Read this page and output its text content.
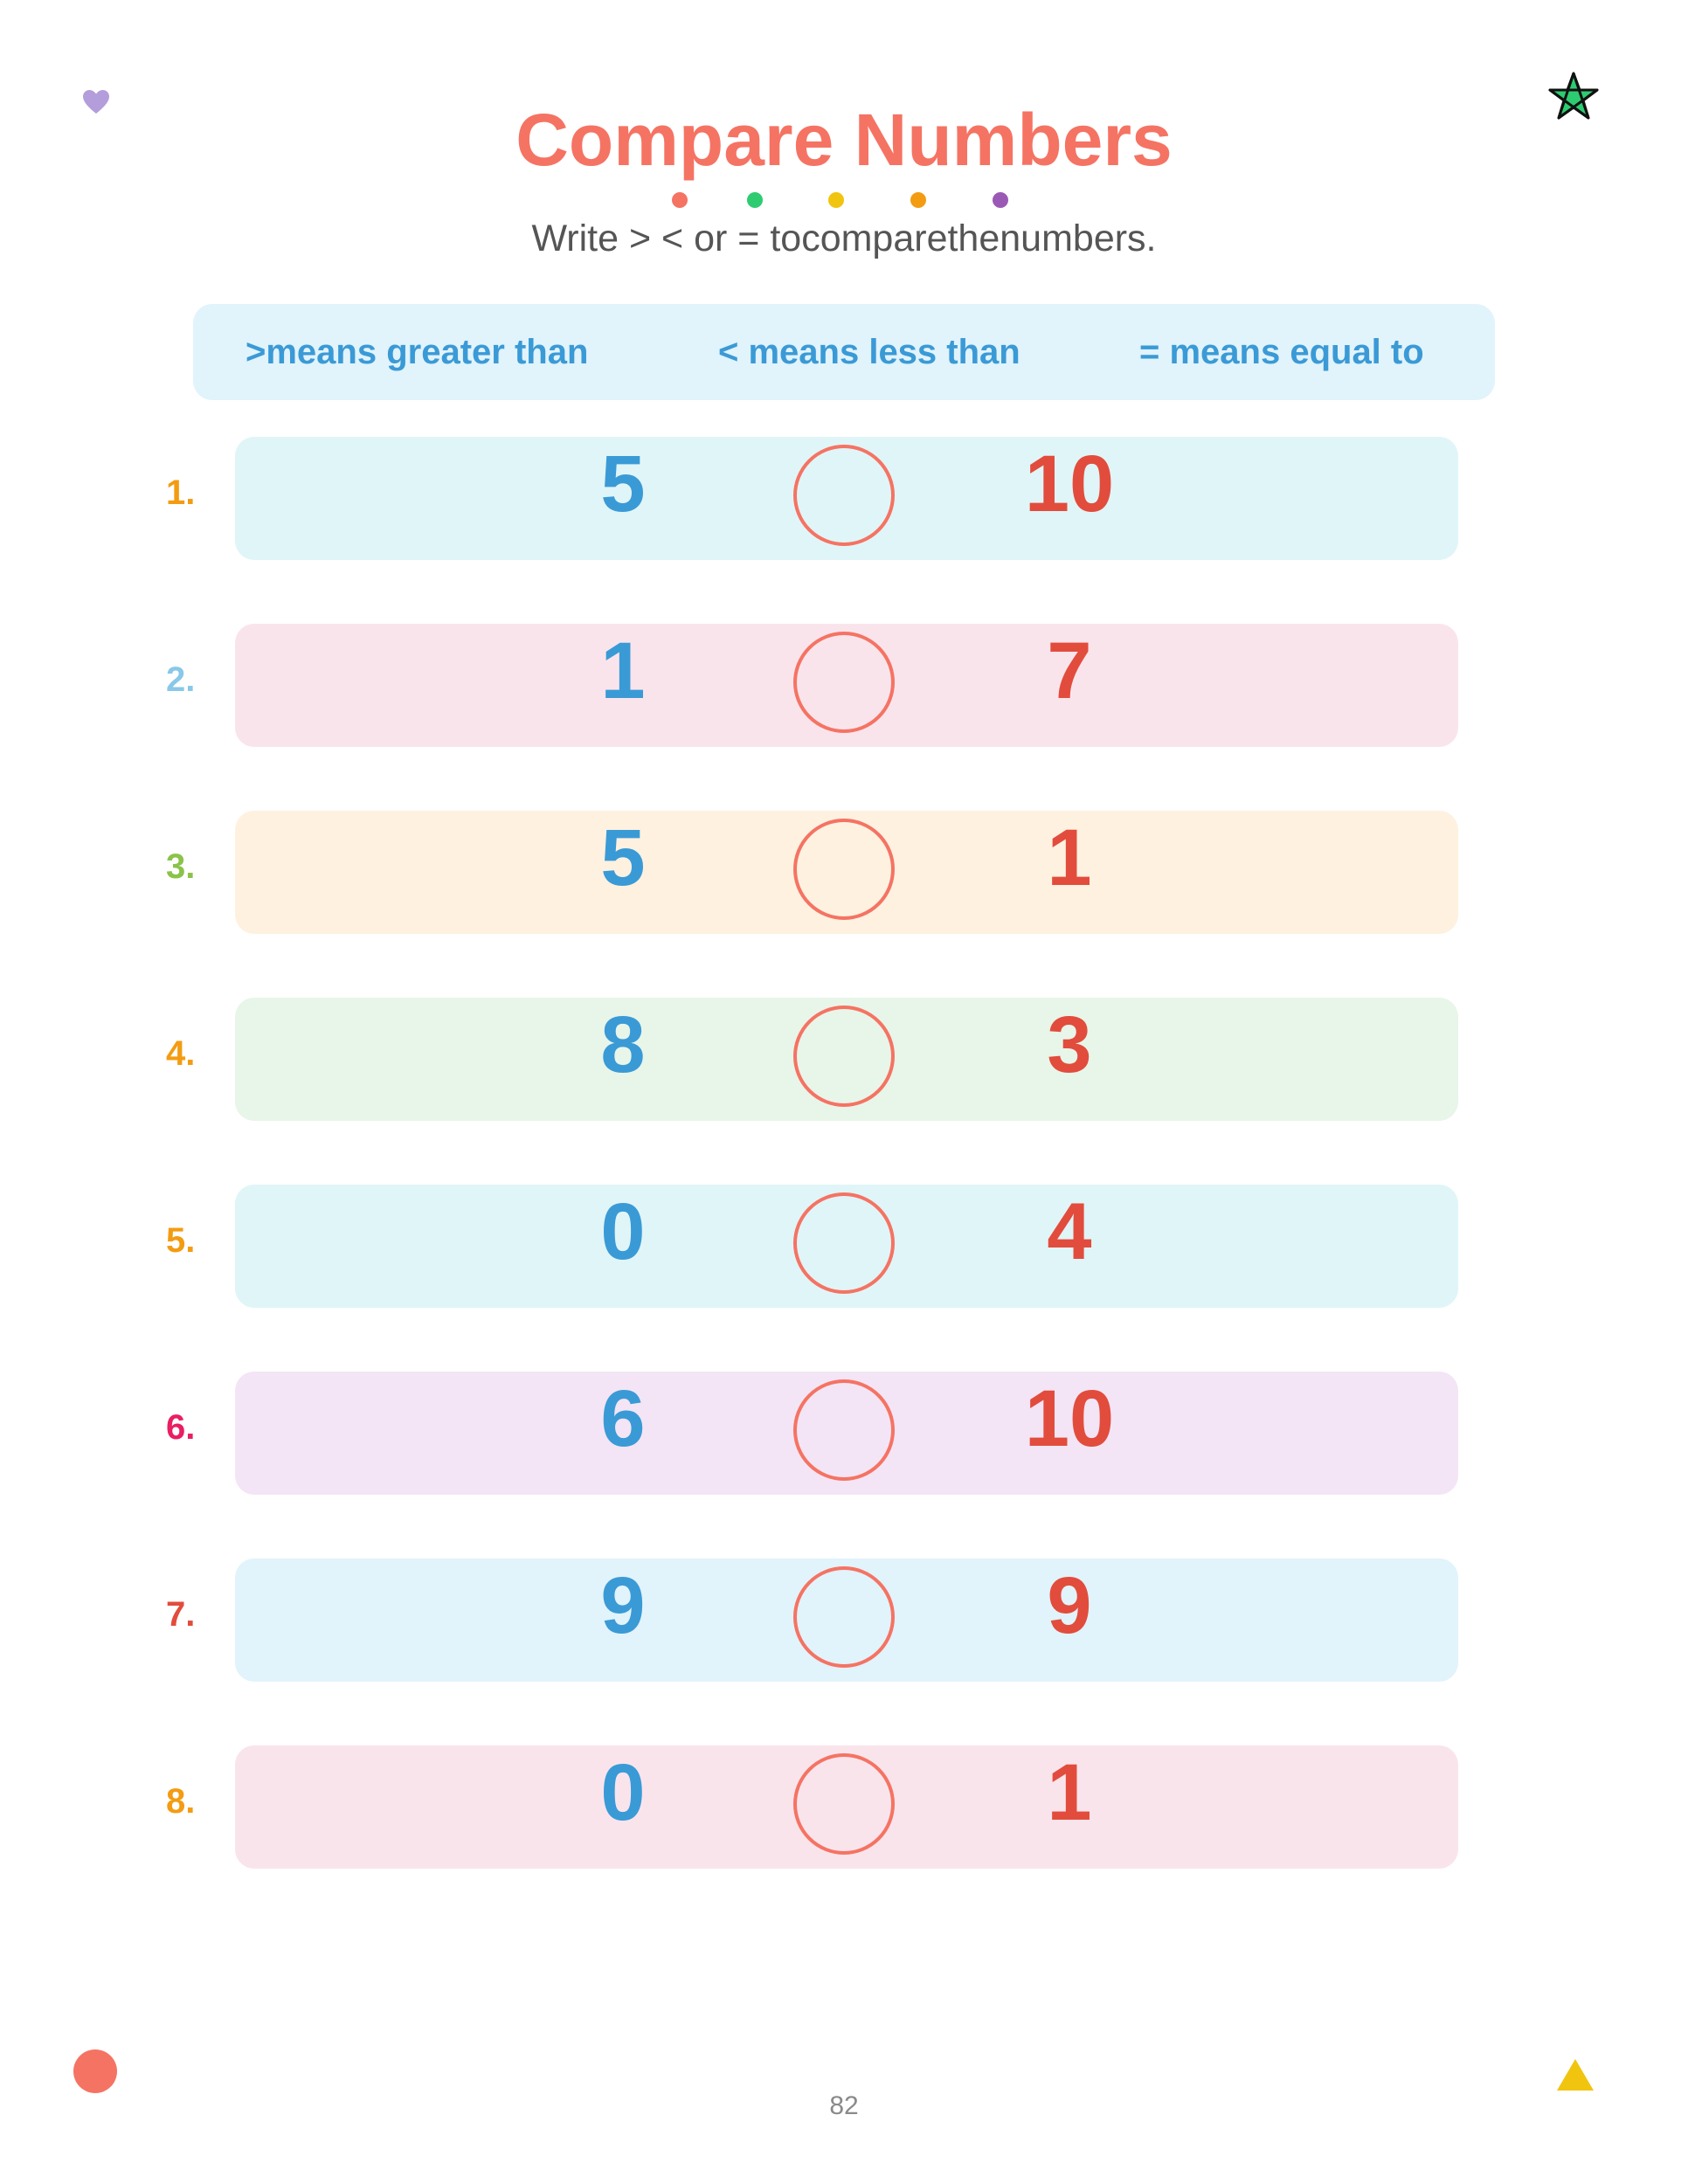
Compare Numbers
Write > < or = tocomparethenumbers.
>means greater than	< means less than	= means equal to
1.	5	10
2.	1	7
3.	5	1
4.	8	3
5.	0	4
6.	6	10
7.	9	9
8.	0	1
82
